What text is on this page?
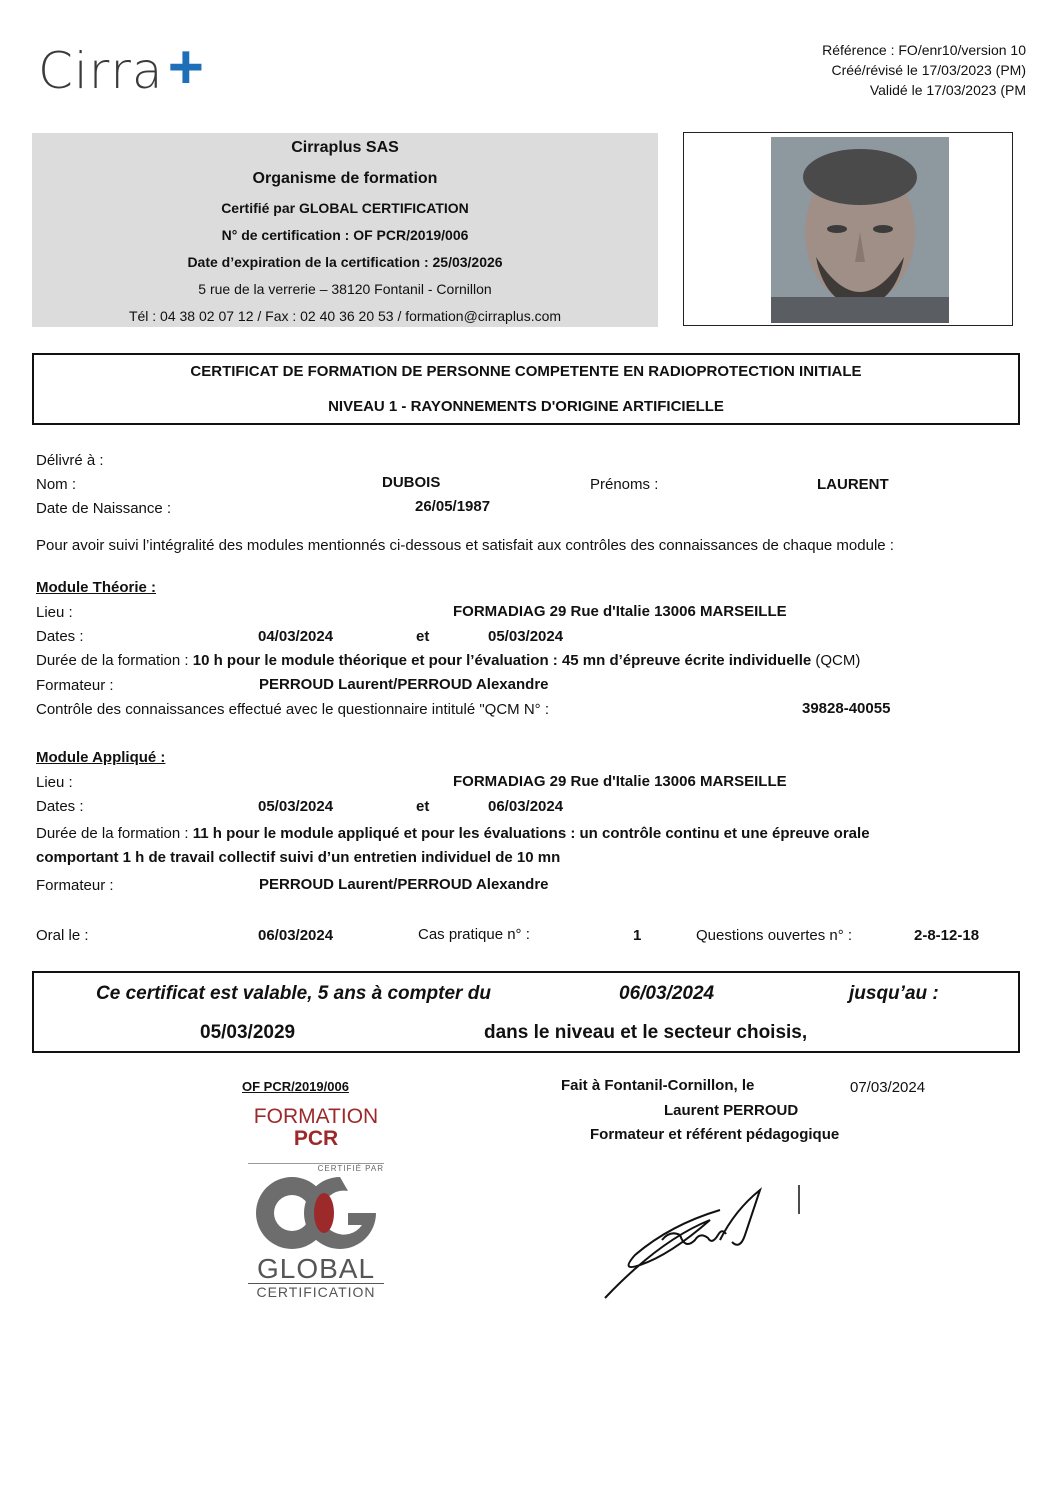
Cirra +	Référence : FO/enr10/version 10
Créé/révisé le 17/03/2023 (PM)
Validé le 17/03/2023 (PM
Cirraplus SAS
Organisme de formation
Certifié par GLOBAL CERTIFICATION
N° de certification : OF PCR/2019/006
Date d’expiration de la certification : 25/03/2026
5 rue de la verrerie – 38120 Fontanil - Cornillon
Tél : 04 38 02 07 12 / Fax : 02 40 36 20 53 / formation@cirraplus.com
CERTIFICAT DE FORMATION DE PERSONNE COMPETENTE EN RADIOPROTECTION INITIALE
NIVEAU 1 - RAYONNEMENTS D'ORIGINE ARTIFICIELLE
Délivré à :
Nom :	DUBOIS	Prénoms :	LAURENT
Date de Naissance :	26/05/1987
Pour avoir suivi l’intégralité des modules mentionnés ci-dessous et satisfait aux contrôles des connaissances de chaque module :
Module Théorie :
Lieu :	FORMADIAG 29 Rue d'Italie 13006 MARSEILLE
Dates :	04/03/2024	et	05/03/2024
Durée de la formation : 10 h pour le module théorique et pour l’évaluation : 45 mn d’épreuve écrite individuelle (QCM)
Formateur :	PERROUD Laurent/PERROUD Alexandre
Contrôle des connaissances effectué avec le questionnaire intitulé "QCM N° :	39828-40055
Module Appliqué :
Lieu :	FORMADIAG 29 Rue d'Italie 13006 MARSEILLE
Dates :	05/03/2024	et	06/03/2024
Durée de la formation : 11 h pour le module appliqué et pour les évaluations : un contrôle continu et une épreuve orale
comportant 1 h de travail collectif suivi d’un entretien individuel de 10 mn
Formateur :	PERROUD Laurent/PERROUD Alexandre
Oral le :	06/03/2024	Cas pratique n° :	1	Questions ouvertes n° :	2-8-12-18
Ce certificat est valable, 5 ans à compter du	06/03/2024	jusqu’au :
05/03/2029	dans le niveau et le secteur choisis,
OF PCR/2019/006
FORMATION
PCR
CERTIFIÉ PAR
GLOBAL
CERTIFICATION
Fait à Fontanil-Cornillon, le	07/03/2024
Laurent PERROUD
Formateur et référent pédagogique
